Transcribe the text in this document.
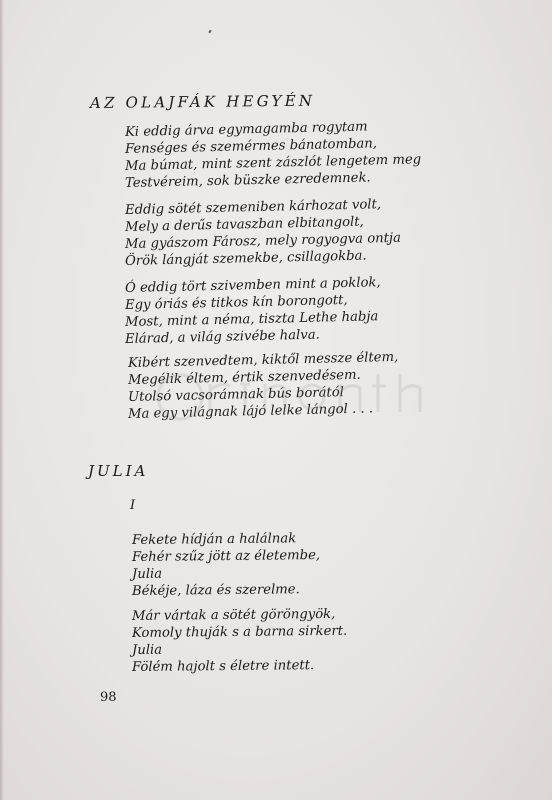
AZ OLAJFÁK HEGYÉN
Ki eddig árva egymagamba rogytam
Fenséges és szemérmes bánatomban,
Ma búmat, mint szent zászlót lengetem meg
Testvéreim, sok büszke ezredemnek.
Eddig sötét szemeniben kárhozat volt,
Mely a derűs tavaszban elbitangolt,
Ma gyászom Fárosz, mely rogyogva ontja
Örök lángját szemekbe, csillagokba.
Ó eddig tört szivemben mint a poklok,
Egy óriás és titkos kín borongott,
Most, mint a néma, tiszta Lethe habja
Elárad, a világ szivébe halva.
Kibért szenvedtem, kiktől messze éltem,
Megélik éltem, értik szenvedésem.
Utolsó vacsorámnak bús borától
Ma egy világnak lájó lelke lángol . . .
JULIA

I

Fekete hídján a halálnak
Fehér szűz jött az életembe,
Julia
Békéje, láza és szerelme.
Már vártak a sötét göröngyök,
Komoly thuják s a barna sirkert.
Julia
Fölém hajolt s életre intett.

98
